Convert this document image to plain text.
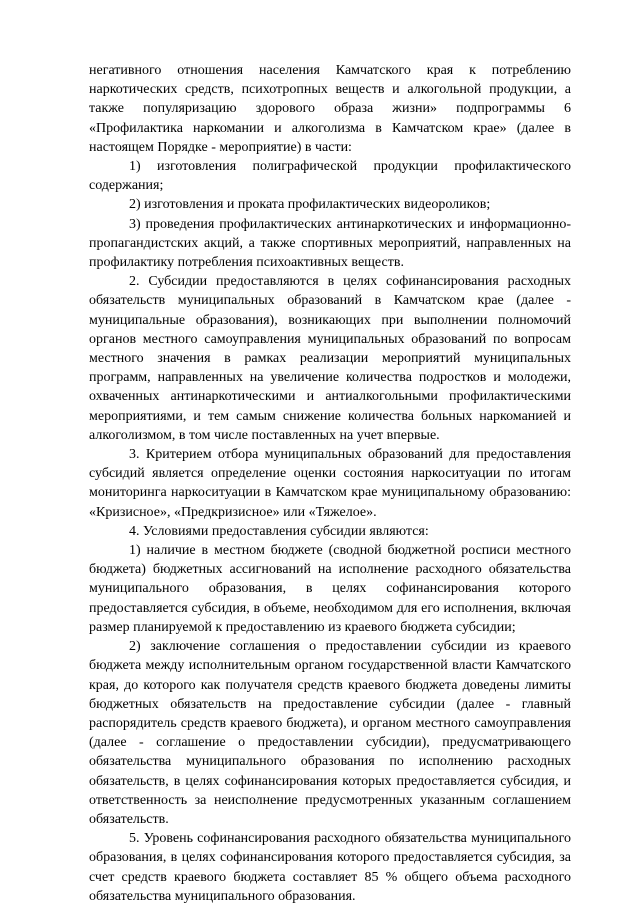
негативного отношения населения Камчатского края к потреблению наркотических средств, психотропных веществ и алкогольной продукции, а также популяризацию здорового образа жизни» подпрограммы 6 «Профилактика наркомании и алкоголизма в Камчатском крае» (далее в настоящем Порядке - мероприятие) в части:

1) изготовления полиграфической продукции профилактического содержания;

2) изготовления и проката профилактических видеороликов;

3) проведения профилактических антинаркотических и информационно-пропагандистских акций, а также спортивных мероприятий, направленных на профилактику потребления психоактивных веществ.

2. Субсидии предоставляются в целях софинансирования расходных обязательств муниципальных образований в Камчатском крае (далее - муниципальные образования), возникающих при выполнении полномочий органов местного самоуправления муниципальных образований по вопросам местного значения в рамках реализации мероприятий муниципальных программ, направленных на увеличение количества подростков и молодежи, охваченных антинаркотическими и антиалкогольными профилактическими мероприятиями, и тем самым снижение количества больных наркоманией и алкоголизмом, в том числе поставленных на учет впервые.

3. Критерием отбора муниципальных образований для предоставления субсидий является определение оценки состояния наркоситуации по итогам мониторинга наркоситуации в Камчатском крае муниципальному образованию: «Кризисное», «Предкризисное» или «Тяжелое».

4. Условиями предоставления субсидии являются:

1) наличие в местном бюджете (сводной бюджетной росписи местного бюджета) бюджетных ассигнований на исполнение расходного обязательства муниципального образования, в целях софинансирования которого предоставляется субсидия, в объеме, необходимом для его исполнения, включая размер планируемой к предоставлению из краевого бюджета субсидии;

2) заключение соглашения о предоставлении субсидии из краевого бюджета между исполнительным органом государственной власти Камчатского края, до которого как получателя средств краевого бюджета доведены лимиты бюджетных обязательств на предоставление субсидии (далее - главный распорядитель средств краевого бюджета), и органом местного самоуправления (далее - соглашение о предоставлении субсидии), предусматривающего обязательства муниципального образования по исполнению расходных обязательств, в целях софинансирования которых предоставляется субсидия, и ответственность за неисполнение предусмотренных указанным соглашением обязательств.

5. Уровень софинансирования расходного обязательства муниципального образования, в целях софинансирования которого предоставляется субсидия, за счет средств краевого бюджета составляет 85 % общего объема расходного обязательства муниципального образования.
